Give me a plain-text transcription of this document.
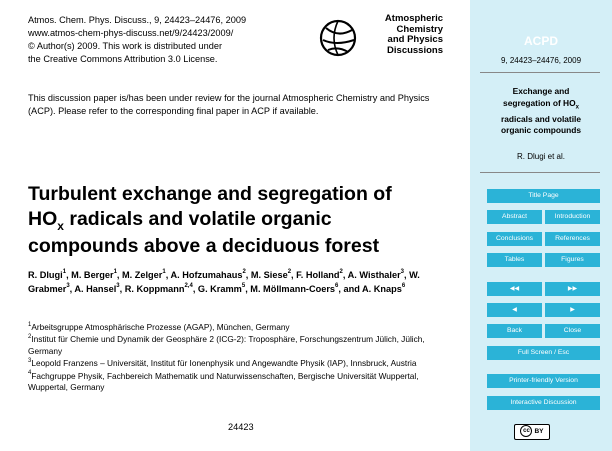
Atmos. Chem. Phys. Discuss., 9, 24423–24476, 2009
www.atmos-chem-phys-discuss.net/9/24423/2009/
© Author(s) 2009. This work is distributed under
the Creative Commons Attribution 3.0 License.
Atmospheric
Chemistry
and Physics
Discussions
This discussion paper is/has been under review for the journal Atmospheric Chemistry and Physics (ACP). Please refer to the corresponding final paper in ACP if available.
Turbulent exchange and segregation of
$HO_x$ radicals and volatile organic
compounds above a deciduous forest
R. Dlugi$^1$, M. Berger$^1$, M. Zelger$^1$, A. Hofzumahaus$^2$, M. Siese$^2$, F. Holland$^2$, A. Wisthaler$^3$, W. Grabmer$^3$, A. Hansel$^3$, R. Koppmann$^{2,4}$, G. Kramm$^5$, M. Möllmann-Coers$^6$, and A. Knaps$^6$

$^1$Arbeitsgruppe Atmosphärische Prozesse (AGAP), München, Germany

$^2$Institut für Chemie und Dynamik der Geosphäre 2 (ICG-2): Troposphäre, Forschungszentrum Jülich, Jülich, Germany

$^3$Leopold Franzens – Universität, Institut für Ionenphysik und Angewandte Physik (IAP), Innsbruck, Austria

$^4$Fachgruppe Physik, Fachbereich Mathematik und Naturwissenschaften, Bergische Universität Wuppertal, Wuppertal, Germany

24423
ACPD
9, 24423–24476, 2009
Exchange and
segregation of $HO_x$
radicals and volatile
organic compounds
R. Dlugi et al.
Title Page
Abstract	Introduction
Conclusions	References
Tables	Figures
◀◀	▶▶
◀	▶
Back	Close
Full Screen / Esc
Printer-friendly Version
Interactive Discussion
cc BY
